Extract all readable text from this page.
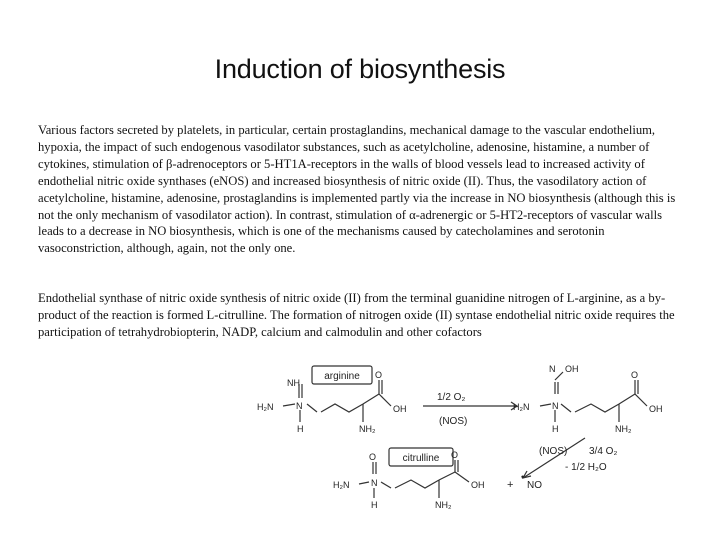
Induction of biosynthesis

Various factors secreted by platelets, in particular, certain prostaglandins, mechanical damage to the vascular endothelium, hypoxia, the impact of such endogenous vasodilator substances, such as acetylcholine, adenosine, histamine, a number of cytokines, stimulation of β-adrenoceptors or 5-HT1A-receptors in the walls of blood vessels lead to increased activity of endothelial nitric oxide synthases (eNOS) and increased biosynthesis of nitric oxide (II). Thus, the vasodilatory action of acetylcholine, histamine, adenosine, prostaglandins is implemented partly via the increase in NO biosynthesis (although this is not the only mechanism of vasodilator action). In contrast, stimulation of α-adrenergic or 5-HT2-receptors of vascular walls leads to a decrease in NO biosynthesis, which is one of the mechanisms caused by catecholamines and serotonin vasoconstriction, although, again, not the only one.

Endothelial synthase of nitric oxide synthesis of nitric oxide (II) from the terminal guanidine nitrogen of L-arginine, as a by-product of the reaction is formed L-citrulline. The formation of nitrogen oxide (II) syntase endothelial nitric oxide requires the participation of tetrahydrobiopterin, NADP, calcium and calmodulin and other cofactors

NH
H₂N	N
H
O
OH
NH₂
arginine
1/2 O₂
(NOS)
N OH
H₂N	N
H
O
OH
NH₂
(NOS) 3/4 O₂
- 1/2 H₂O
O
H₂N N
H
O
OH
NH₂
citrulline
+
•
NO
